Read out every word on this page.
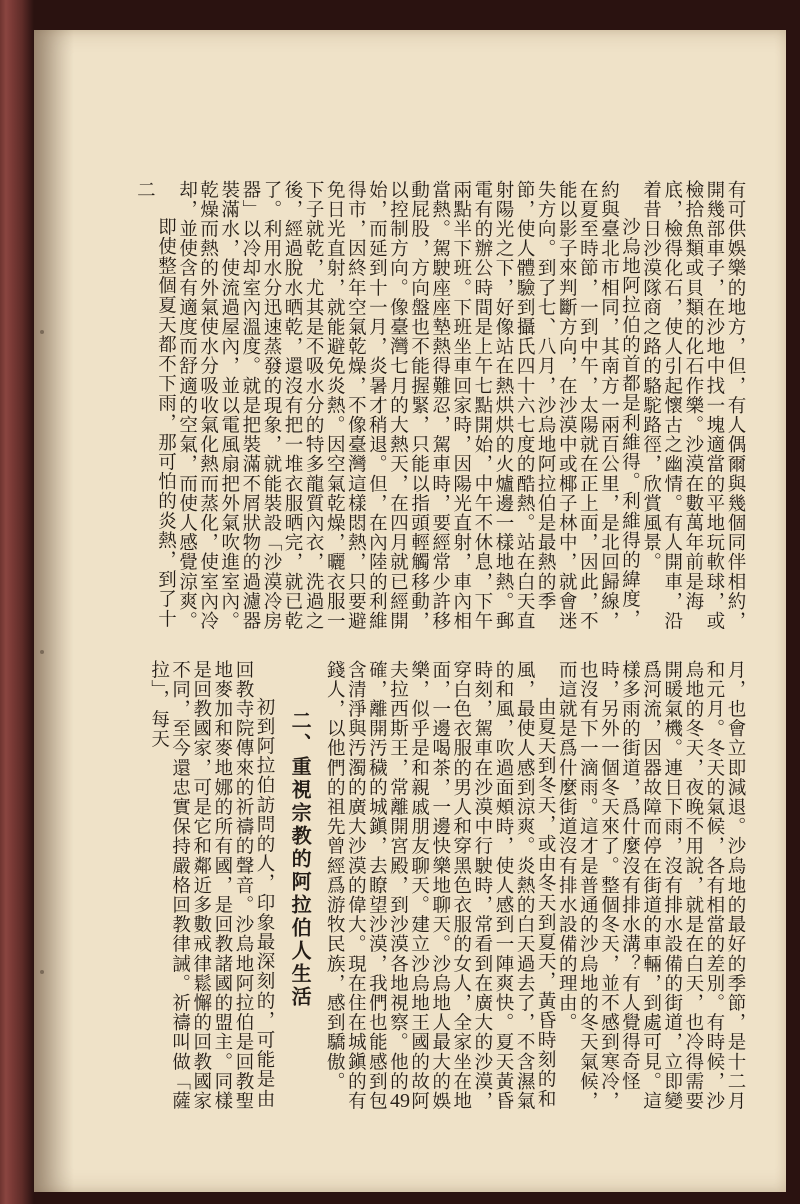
有可供娛樂的地方，但，有人偶爾與幾個同伴相約，開幾部車子，在沙地中找一塊適當的平地玩軟球，或檢拾魚類或貝類的化石作樂。沙漠在數萬年前是海底，檢得化石，使人引起懷古之幽情。有人開車，沿着昔日沙漠隊商之路的駱駝路徑，欣賞風景。

沙烏地阿拉伯的首都是利維得。利維得的緯度，約與臺北市相同，其南方一兩百公里，是北回歸線，在夏至時節，一到中午，太陽就在正上面，因此，不能以影子來判斷方向，在沙漠中或椰子林中，就會迷失方向。到了七、八月，沙烏地阿拉伯是最熱的季節，使人體驗到攝氏四十六七度的酷熱。站在白天直射陽光之下，好像站在熱烘烘的火爐邊一樣地熱。郵電有的辦公時間是上午七點開始，中午不休息，下午兩點半下班。下班坐車回家時，因陽光直射，車內相當熱。駕駛座座墊熱得難忍，駕車時，要經常少許移動屁股，方向盤也不能握緊，只能以指頭輕觸移動，以控制方向。像臺灣七月的大熱天，在四月就已經開始，而延到十一月，炎暑才稍退。但，在內陸的利維得市，因終年空氣乾燥，不像臺灣這樣悶熱，只要避免日光直射，就能避免炎熱。因空氣乾燥，曬衣服一下子就乾，尤其是不吸水分的特多龍質內衣，洗過之後，經過脫水晒乾，還沒有把一堆衣服晒完，就已乾了。利用水分迅速蒸發的現象，就能裝設「沙漠冷房器」以冷却室內溫度。就是把裝滿不屑狀物的過濾器裝滿水，使流過屋內，並以電風扇把外氣吹進室內。乾燥而熱的外氣使水分吸收氣化熱而蒸化，使室內冷却，並使含有適度而舒適的空氣，而使人感覺涼爽。

即使整個夏天都不下雨，那可怕的炎熱，到了十二

月，也會立即減退。沙烏地的最好的季節，是十二月和元月。冬天的氣候，各有相當的差別。有時候，沙烏地的冬天，夜晚不用說，就是在白天，也冷得需要開暖氣機。連日下雨，沒有排水設備的街道，立即變爲河流，因器故障而停在街道的車輛，到處可見。這樣多雨的街道，爲什麼沒有排水溝？有人覺得奇怪時，另外一個冬天來了。整個冬天，並不感到寒冷，也沒有下一滴雨。這才是普通的沙烏地的冬天氣候，而這就是爲什麼街道沒有排水設備的理由。

由夏天到冬天，或由冬天到夏天，黃昏時刻的和風，最使人感到涼爽。炎熱的白天過去了，不含濕氣的和風，吹過面頰時，使人感到一陣爽快。夏天黃昏時刻，駕車在沙漠中行駛時，常看到在廣大的沙漠，穿白色衣服的男人和穿黑色衣服的女人，全家坐在地面，一邊喝茶，一邊快樂地聊天。沙烏地人最大的娛樂，似乎是和親戚朋友聊天。建立沙烏地王國的故阿夫拉西斯王，常離開宮殿，到沙漠各地視察。他的確，離開汚穢的城鎭，去瞭望沙漠，我們也能感到包含清淨與汚濁的廣大沙漠的偉大。現在住在城鎭的有錢人，以他們的祖先曾經爲游牧民族，感到驕傲。

二、重視宗教的阿拉伯人生活

初到阿拉伯訪問的人，印象最深刻的，可能是由回教寺院傳來的祈禱的聲音。沙烏地阿拉伯是回教聖地麥加和麥地娜的所有國，是回教諸國的盟主。同樣是回教國家，可是它和鄰近多數戒律鬆懈的回教國家不同，至今還忠實保持嚴格回教律誡。祈禱叫做「薩拉」，每天

49
